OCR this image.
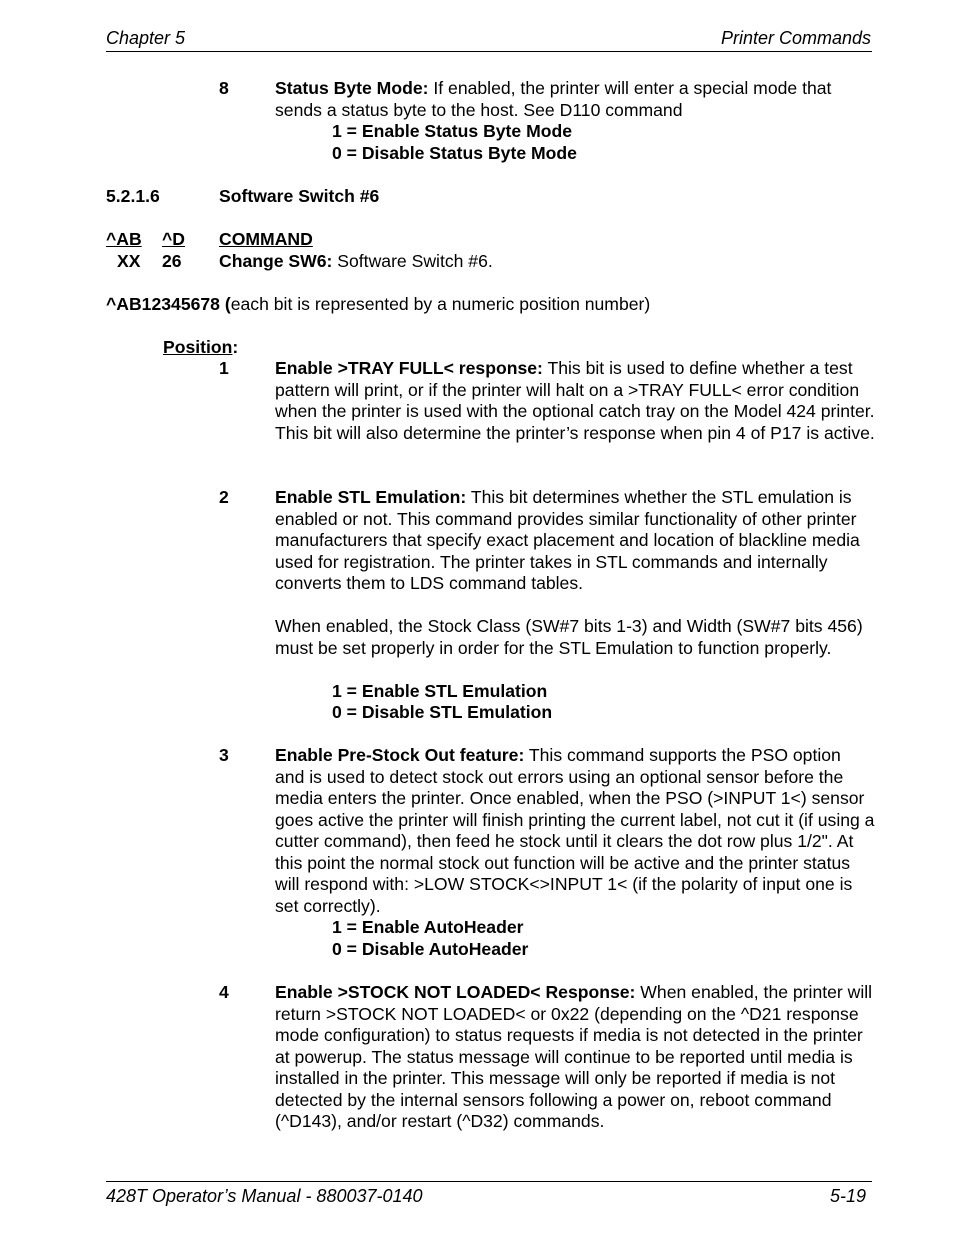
Chapter 5	Printer Commands
8	Status Byte Mode: If enabled, the printer will enter a special mode that sends a status byte to the host. See D110 command
1 = Enable Status Byte Mode
0 = Disable Status Byte Mode
5.2.1.6	Software Switch #6
^AB ^D COMMAND
XX 26 Change SW6: Software Switch #6.
^AB12345678 (each bit is represented by a numeric position number)
Position:
1	Enable >TRAY FULL< response: This bit is used to define whether a test pattern will print, or if the printer will halt on a >TRAY FULL< error condition when the printer is used with the optional catch tray on the Model 424 printer. This bit will also determine the printer’s response when pin 4 of P17 is active.
2	Enable STL Emulation: This bit determines whether the STL emulation is enabled or not. This command provides similar functionality of other printer manufacturers that specify exact placement and location of blackline media used for registration. The printer takes in STL commands and internally converts them to LDS command tables.
When enabled, the Stock Class (SW#7 bits 1-3) and Width (SW#7 bits 456) must be set properly in order for the STL Emulation to function properly.
1 = Enable STL Emulation
0 = Disable STL Emulation
3	Enable Pre-Stock Out feature: This command supports the PSO option and is used to detect stock out errors using an optional sensor before the media enters the printer. Once enabled, when the PSO (>INPUT 1<) sensor goes active the printer will finish printing the current label, not cut it (if using a cutter command), then feed he stock until it clears the dot row plus 1/2". At this point the normal stock out function will be active and the printer status will respond with: >LOW STOCK<>INPUT 1< (if the polarity of input one is set correctly).
1 = Enable AutoHeader
0 = Disable AutoHeader
4	Enable >STOCK NOT LOADED< Response: When enabled, the printer will return >STOCK NOT LOADED< or 0x22 (depending on the ^D21 response mode configuration) to status requests if media is not detected in the printer at powerup. The status message will continue to be reported until media is installed in the printer. This message will only be reported if media is not detected by the internal sensors following a power on, reboot command (^D143), and/or restart (^D32) commands.
428T Operator’s Manual - 880037-0140	5-19
